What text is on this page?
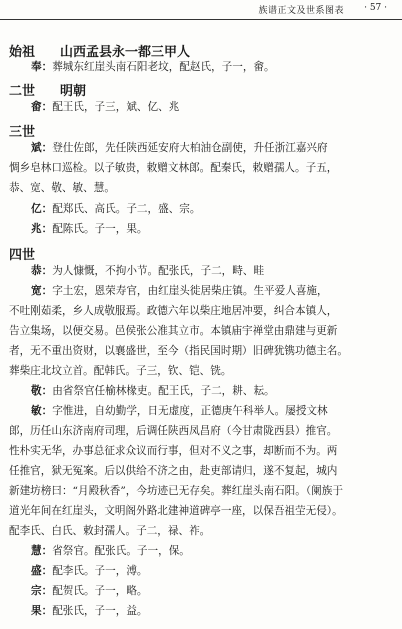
族谱正文及世系图表 · 57 ·
始祖 山西孟县永一都三甲人
奉：葬城东红崖头南石阳老坟，配赵氏，子一，畲。
二世 明朝
畲：配王氏，子三，斌、亿、兆
三世
斌：登仕佐郎，先任陕西延安府大柏油仓副使，升任浙江嘉兴府
惆乡皂林口巡检。以子敏贵，敕赠文林郎。配秦氏，敕赠孺人。子五，
恭、宽、敬、敏、慧。
亿：配郑氏、高氏。子二，盛、宗。
兆：配陈氏。子一，果。
四世
恭：为人慷慨，不拘小节。配张氏，子二，畤、畦
宽：字土宏，恩荣寿官，由红崖头徙居柴庄镇。生平爱人喜施，
不吐刚茹柔，乡人成敬服焉。政德六年以柴庄地居冲要，纠合本镇人，
告立集场，以便交易。邑侯张公准其立市。本镇庙宇禅堂由鼎建与更新
者，无不重出资财，以襄盛世，至今（指民国时期）旧碑犹镌功德主名。
葬柴庄北坟立首。配韩氏。子三，钦、铠、铣。
敬：由省祭官任榆林椽吏。配王氏，子二，耕、耘。
敏：字惟进，自幼勤学，日无虚度，正德庚午科举人。屡授文林
郎，历任山东济南府司理，后调任陕西凤昌府（今甘肃陇西县）推官。
性朴实无华，办事总征求众议而行事，但对不义之事，却断而不为。两
任推官，狱无冤案。后以供给不济之由，赴吏部请归，遂不复起，城内
新建坊榜曰：“月殿秋香”，今坊迹已无存矣。葬红崖头南石阳。（阑族于
道光年间在红崖头，文明阁外路北建神道碑亭一座，以保吾祖茔无侵）。
配李氏、白氏、敕封孺人。子二，禄、祚。
慧：省祭官。配张氏。子一，保。
盛：配李氏。子一，溥。
宗：配贺氏。子一，略。
果：配张氏，子一，益。
